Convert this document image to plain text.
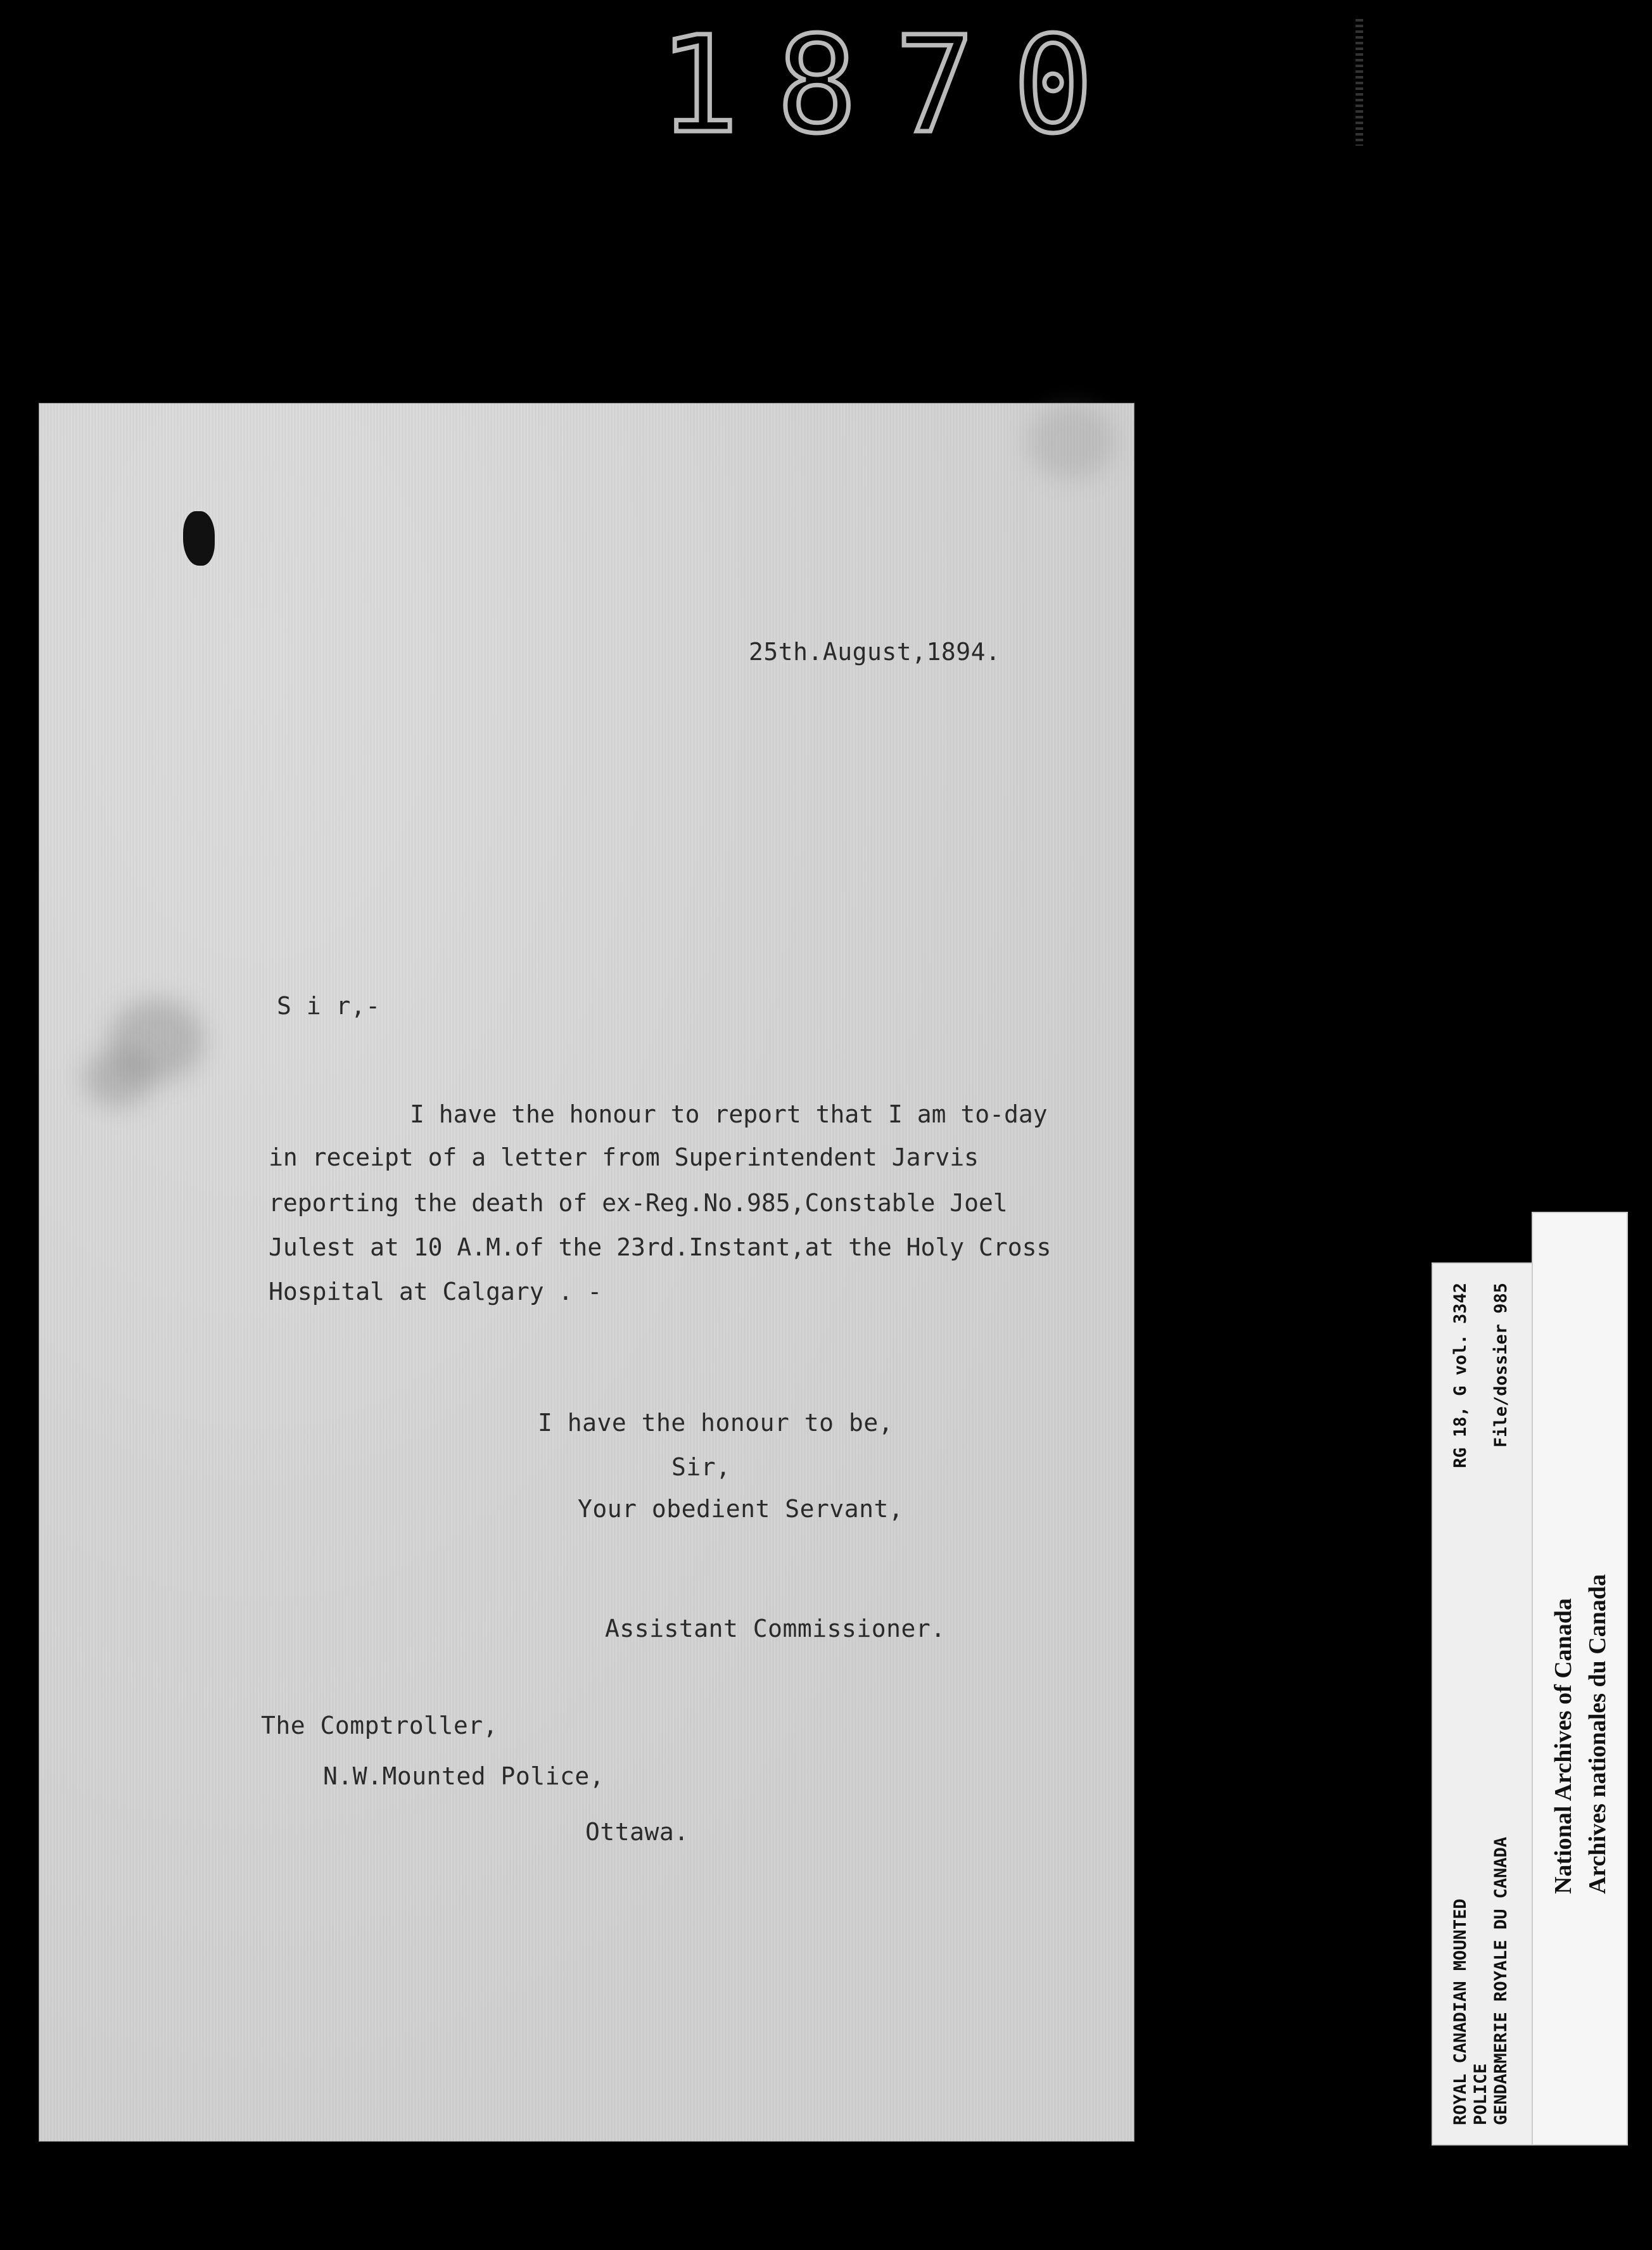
1870
25th.August,1894.
S i r,-
I have the honour to report that I am to-day
in receipt of a letter from Superintendent Jarvis
reporting the death of ex-Reg.No.985,Constable Joel
Julest at 10 A.M.of the 23rd.Instant,at the Holy Cross
Hospital at Calgary . -
I have the honour to be,
Sir,
Your obedient Servant,
Assistant Commissioner.
The Comptroller,
N.W.Mounted Police,
Ottawa.
ROYAL CANADIAN MOUNTED
RG 18, G vol. 3342
POLICE GENDARMERIE ROYALE DU CANADA
File/dossier 985
National Archives of Canada Archives nationales du Canada
